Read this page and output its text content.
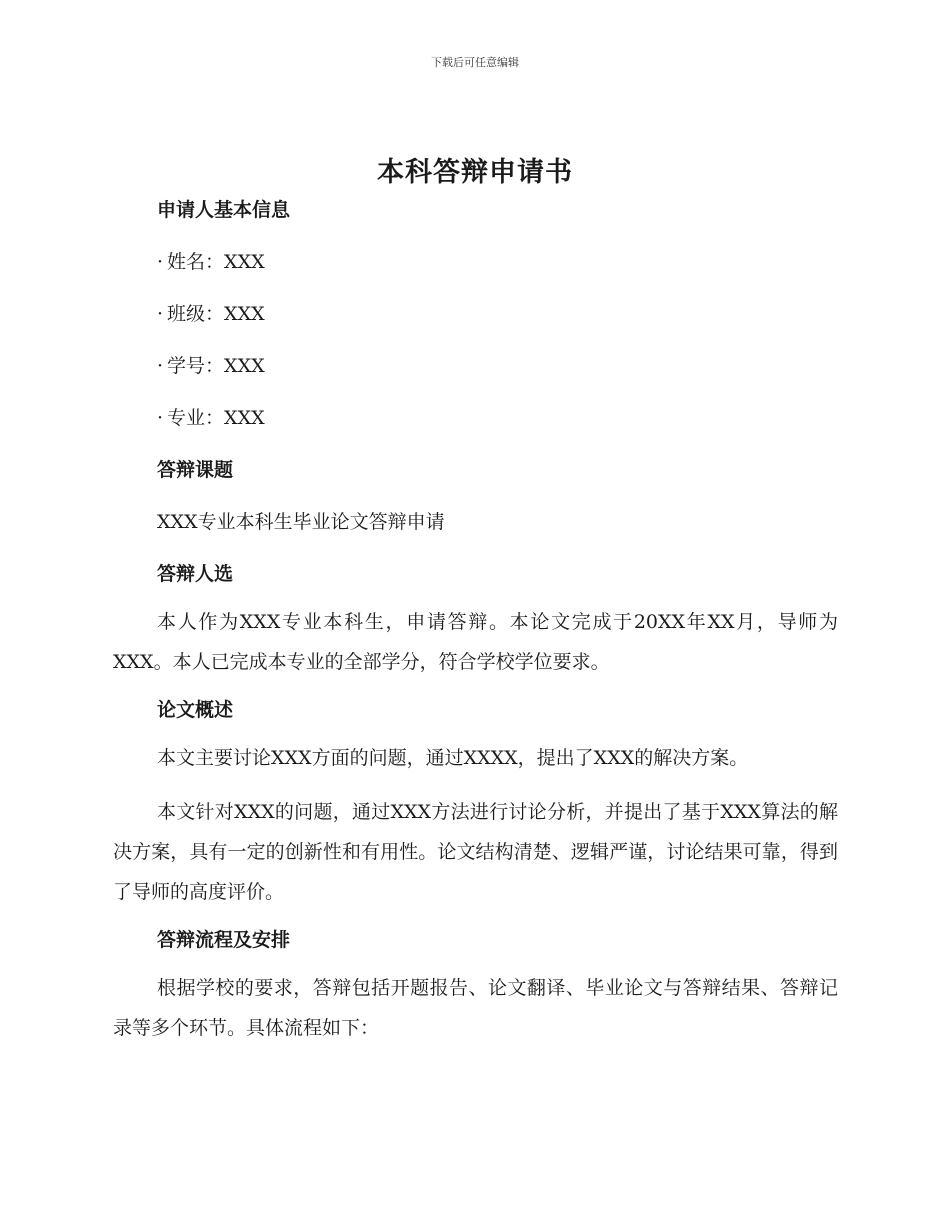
下载后可任意编辑
本科答辩申请书
申请人基本信息
· 姓名：XXX
· 班级：XXX
· 学号：XXX
· 专业：XXX
答辩课题
XXX专业本科生毕业论文答辩申请
答辩人选

本人作为XXX专业本科生，申请答辩。本论文完成于20XX年XX月，导师为XXX。本人已完成本专业的全部学分，符合学校学位要求。

论文概述

本文主要讨论XXX方面的问题，通过XXXX，提出了XXX的解决方案。

本文针对XXX的问题，通过XXX方法进行讨论分析，并提出了基于XXX算法的解决方案，具有一定的创新性和有用性。论文结构清楚、逻辑严谨，讨论结果可靠，得到了导师的高度评价。

答辩流程及安排

根据学校的要求，答辩包括开题报告、论文翻译、毕业论文与答辩结果、答辩记录等多个环节。具体流程如下：
